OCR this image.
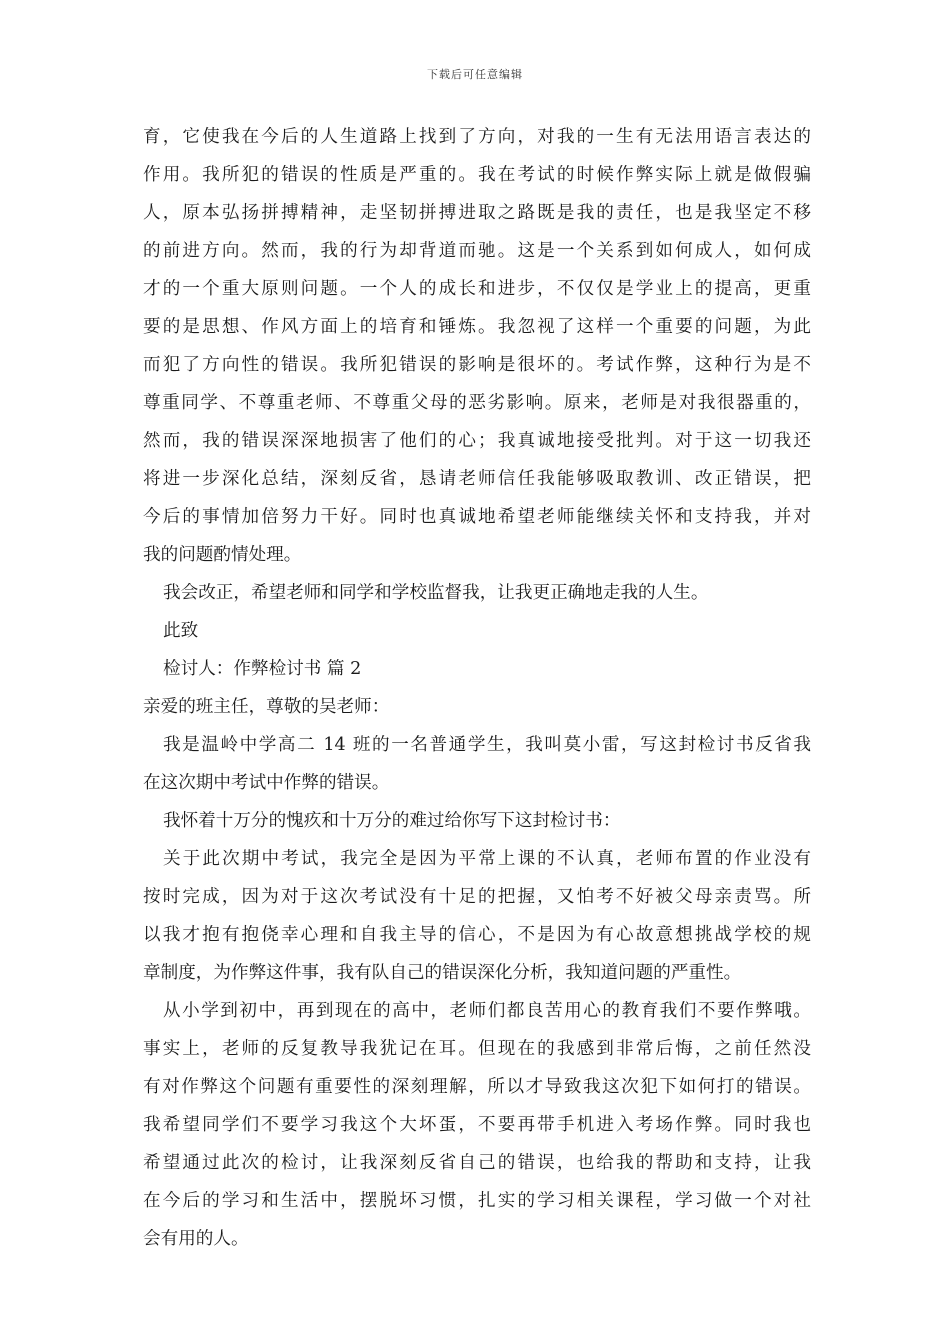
下载后可任意编辑
育，它使我在今后的人生道路上找到了方向，对我的一生有无法用语言表达的
作用。我所犯的错误的性质是严重的。我在考试的时候作弊实际上就是做假骗
人，原本弘扬拼搏精神，走坚韧拼搏进取之路既是我的责任，也是我坚定不移
的前进方向。然而，我的行为却背道而驰。这是一个关系到如何成人，如何成
才的一个重大原则问题。一个人的成长和进步，不仅仅是学业上的提高，更重
要的是思想、作风方面上的培育和锤炼。我忽视了这样一个重要的问题，为此
而犯了方向性的错误。我所犯错误的影响是很坏的。考试作弊，这种行为是不
尊重同学、不尊重老师、不尊重父母的恶劣影响。原来，老师是对我很器重的，
然而，我的错误深深地损害了他们的心；我真诚地接受批判。对于这一切我还
将进一步深化总结，深刻反省，恳请老师信任我能够吸取教训、改正错误，把
今后的事情加倍努力干好。同时也真诚地希望老师能继续关怀和支持我，并对
我的问题酌情处理。
我会改正，希望老师和同学和学校监督我，让我更正确地走我的人生。
此致
检讨人：作弊检讨书 篇 2
亲爱的班主任，尊敬的吴老师：
我是温岭中学高二 14 班的一名普通学生，我叫莫小雷，写这封检讨书反省我
在这次期中考试中作弊的错误。
我怀着十万分的愧疚和十万分的难过给你写下这封检讨书：
关于此次期中考试，我完全是因为平常上课的不认真，老师布置的作业没有
按时完成，因为对于这次考试没有十足的把握，又怕考不好被父母亲责骂。所
以我才抱有抱侥幸心理和自我主导的信心，不是因为有心故意想挑战学校的规
章制度，为作弊这件事，我有队自己的错误深化分析，我知道问题的严重性。
从小学到初中，再到现在的高中，老师们都良苦用心的教育我们不要作弊哦。
事实上，老师的反复教导我犹记在耳。但现在的我感到非常后悔，之前任然没
有对作弊这个问题有重要性的深刻理解，所以才导致我这次犯下如何打的错误。
我希望同学们不要学习我这个大坏蛋，不要再带手机进入考场作弊。同时我也
希望通过此次的检讨，让我深刻反省自己的错误，也给我的帮助和支持，让我
在今后的学习和生活中，摆脱坏习惯，扎实的学习相关课程，学习做一个对社
会有用的人。
